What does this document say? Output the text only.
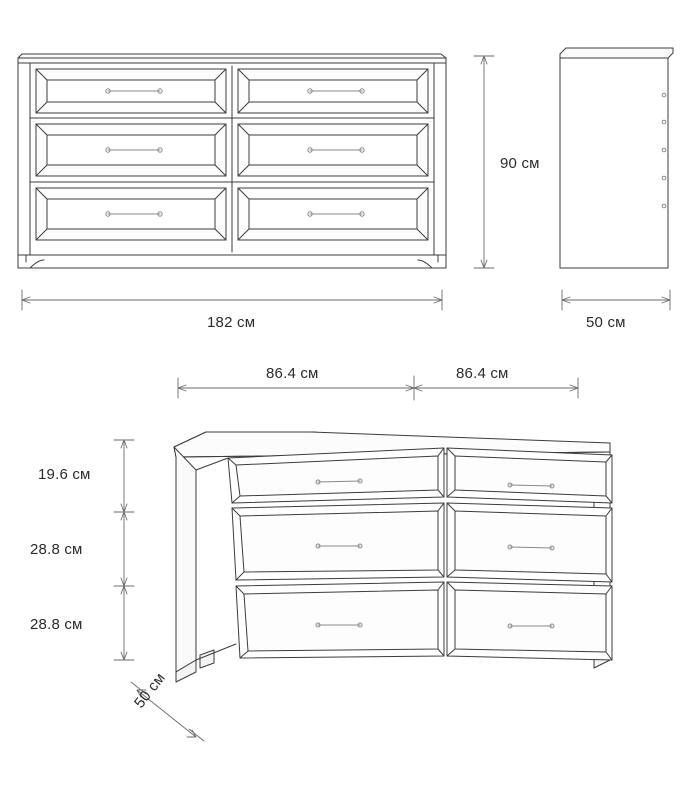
90 см
182 см	50 см
86.4 см	86.4 см
19.6 см
28.8 см
28.8 см
50 см
